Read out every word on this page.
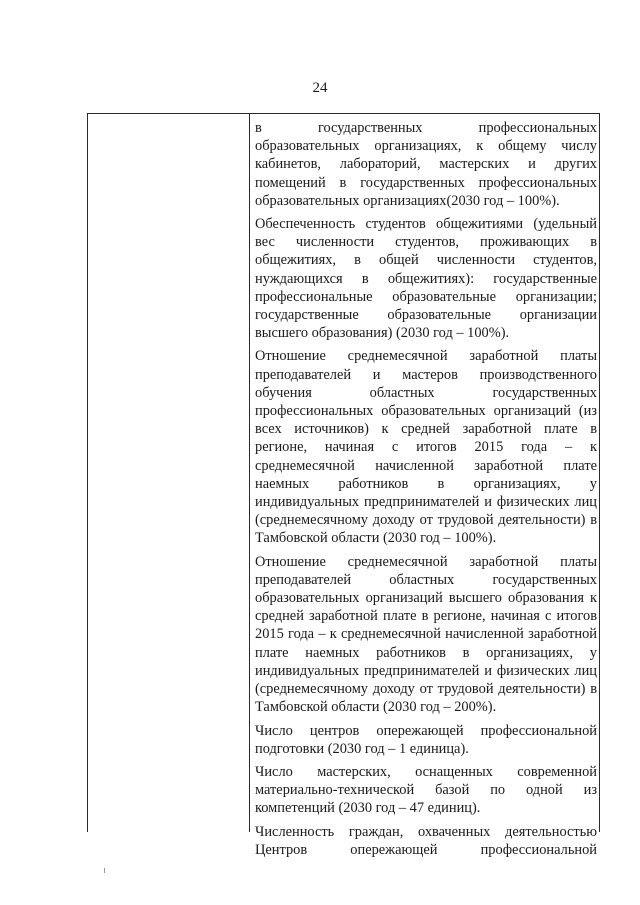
24

в государственных профессиональных образовательных организациях, к общему числу кабинетов, лабораторий, мастерских и других помещений в государственных профессиональных образовательных организациях(2030 год – 100%).

Обеспеченность студентов общежитиями (удельный вес численности студентов, проживающих в общежитиях, в общей численности студентов, нуждающихся в общежитиях): государственные профессиональные образовательные организации; государственные образовательные организации высшего образования) (2030 год – 100%).

Отношение среднемесячной заработной платы преподавателей и мастеров производственного обучения областных государственных профессиональных образовательных организаций (из всех источников) к средней заработной плате в регионе, начиная с итогов 2015 года – к среднемесячной начисленной заработной плате наемных работников в организациях, у индивидуальных предпринимателей и физических лиц (среднемесячному доходу от трудовой деятельности) в Тамбовской области (2030 год – 100%).

Отношение среднемесячной заработной платы преподавателей областных государственных образовательных организаций высшего образования к средней заработной плате в регионе, начиная с итогов 2015 года – к среднемесячной начисленной заработной плате наемных работников в организациях, у индивидуальных предпринимателей и физических лиц (среднемесячному доходу от трудовой деятельности) в Тамбовской области (2030 год – 200%).

Число центров опережающей профессиональной подготовки (2030 год – 1 единица).

Число мастерских, оснащенных современной материально-технической базой по одной из компетенций (2030 год – 47 единиц).

Численность граждан, охваченных деятельностью Центров опережающей профессиональной
